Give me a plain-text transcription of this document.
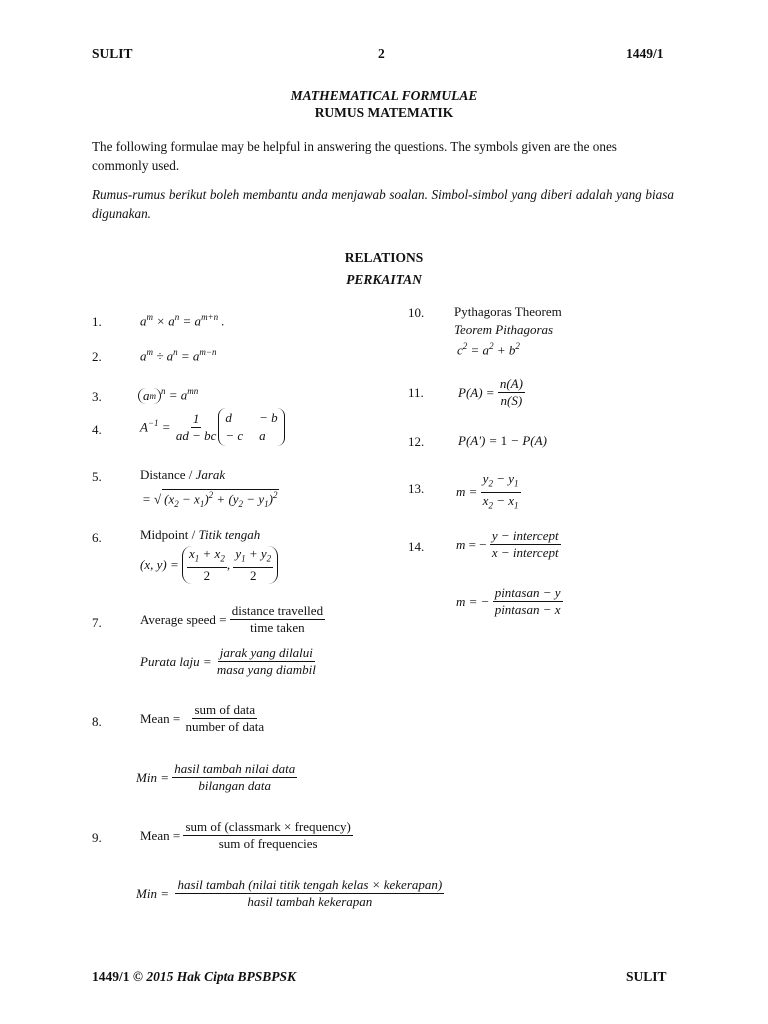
SULIT	2	1449/1
MATHEMATICAL FORMULAE
RUMUS MATEMATIK
The following formulae may be helpful in answering the questions. The symbols given are the ones commonly used.
Rumus-rumus berikut boleh membantu anda menjawab soalan. Simbol-simbol yang diberi adalah yang biasa digunakan.
RELATIONS
PERKAITAN
1.	$a^m \times a^n = a^{m+n}$ .
2.	$a^m \div a^n = a^{m-n}$
3.	a m
$^n = a^{mn}$
4.	$A^{-1} = \frac{1}{ad - bc}$ d	− b
− c a
5.	Distance / Jarak
= √ $(x_2 - x_1)^2 + (y_2 - y_1)^2$
6.	Midpoint / Titik tengah
(x, y) =
$x_1 + x_2$
2
,
$y_1 + y_2$
2
7.	Average speed =

distance travelled
time taken
Purata laju =

jarak yang dilalui
masa yang diambil
8.	Mean =

sum of data
number of data
Min =

hasil tambah nilai data
bilangan data
9.	Mean =

sum of (classmark × frequency)
sum of frequencies
Min =

hasil tambah (nilai titik tengah kelas × kekerapan)
hasil tambah kekerapan
10. Pythagoras Theorem
Teorem Pithagoras
$c^2 = a^2 + b^2$
11.	$P(A) = \frac{n(A)}{n(S)}$
12.	P(A') = 1 − P(A)
13. $m = \frac{y_2 - y_1}{x_2 - x_1}$
14. m = −
y − intercept
x − intercept
m = −
pintasan − y
pintasan − x
1449/1 © 2015 Hak Cipta BPSBPSK	SULIT
